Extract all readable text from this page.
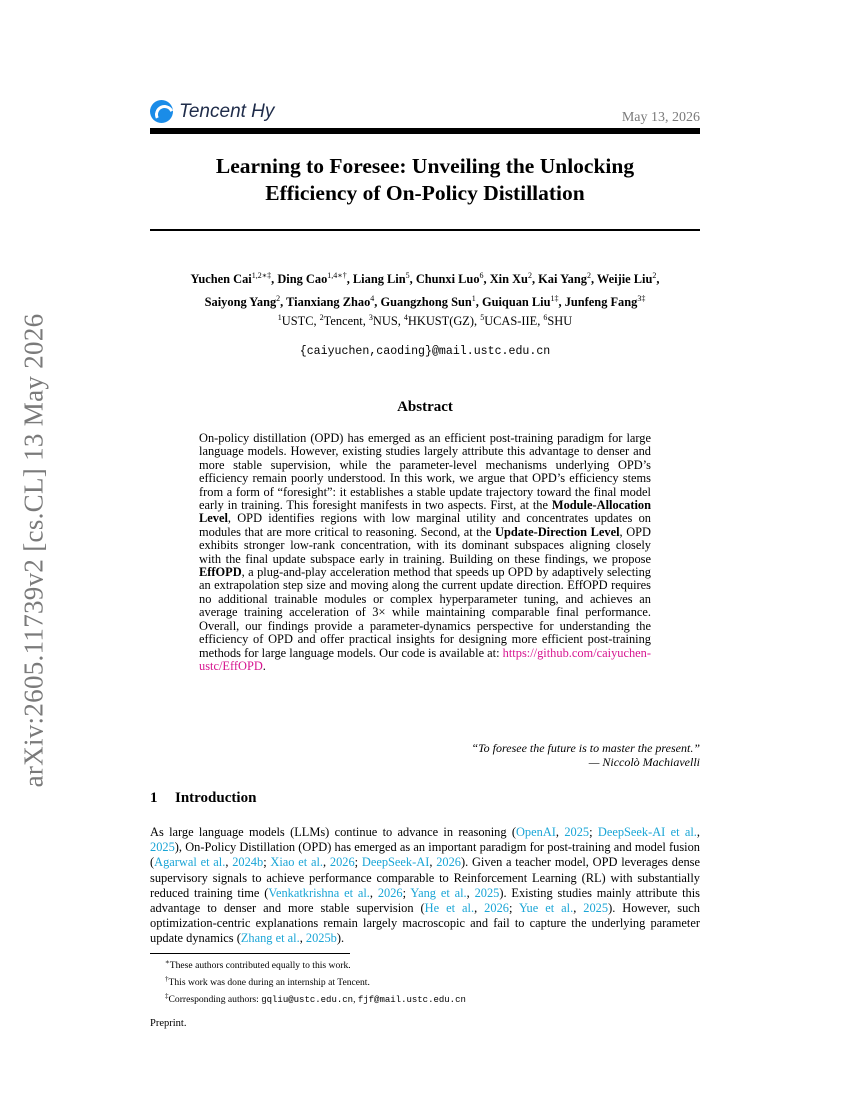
arXiv:2605.11739v2 [cs.CL] 13 May 2026
Tencent Hy	May 13, 2026
Learning to Foresee: Unveiling the Unlocking
Efficiency of On-Policy Distillation
Yuchen Cai$^{1,2∗\ddagger}$, Ding Cao$^{1,4∗\dagger}$, Liang Lin$^5$, Chunxi Luo$^6$, Xin Xu$^2$, Kai Yang$^2$, Weijie Liu$^2$,
Saiyong Yang$^2$, Tianxiang Zhao$^4$, Guangzhong Sun$^1$, Guiquan Liu$^{1\ddagger}$, Junfeng Fang$^{3\ddagger}$
$^1$USTC, $^2$Tencent, $^3$NUS, $^4$HKUST(GZ), $^5$UCAS-IIE, $^6$SHU
{caiyuchen,caoding}@mail.ustc.edu.cn
Abstract
On-policy distillation (OPD) has emerged as an efficient post-training paradigm for large language models. However, existing studies largely attribute this advantage to denser and more stable supervision, while the parameter-level mechanisms underlying OPD’s efficiency remain poorly understood. In this work, we argue that OPD’s efficiency stems from a form of “foresight”: it establishes a stable update trajectory toward the final model early in training. This foresight manifests in two aspects. First, at the Module-Allocation Level, OPD identifies regions with low marginal utility and concentrates updates on modules that are more critical to reasoning. Second, at the Update-Direction Level, OPD exhibits stronger low-rank concentration, with its dominant subspaces aligning closely with the final update subspace early in training. Building on these findings, we propose EffOPD, a plug-and-play acceleration method that speeds up OPD by adaptively selecting an extrapolation step size and moving along the current update direction. EffOPD requires no additional trainable modules or complex hyperparameter tuning, and achieves an average training acceleration of 3× while maintaining comparable final performance. Overall, our findings provide a parameter-dynamics perspective for understanding the efficiency of OPD and offer practical insights for designing more efficient post-training methods for large language models. Our code is available at: https://github.com/caiyuchen-ustc/EffOPD.
“To foresee the future is to master the present.”
— Niccolò Machiavelli
1 Introduction
As large language models (LLMs) continue to advance in reasoning (OpenAI, 2025; DeepSeek-AI et al., 2025), On-Policy Distillation (OPD) has emerged as an important paradigm for post-training and model fusion (Agarwal et al., 2024b; Xiao et al., 2026; DeepSeek-AI, 2026). Given a teacher model, OPD leverages dense supervisory signals to achieve performance comparable to Reinforcement Learning (RL) with substantially reduced training time (Venkatkrishna et al., 2026; Yang et al., 2025). Existing studies mainly attribute this advantage to denser and more stable supervision (He et al., 2026; Yue et al., 2025). However, such optimization-centric explanations remain largely macroscopic and fail to capture the underlying parameter update dynamics (Zhang et al., 2025b).
∗These authors contributed equally to this work.
†This work was done during an internship at Tencent.
‡Corresponding authors: gqliu@ustc.edu.cn, fjf@mail.ustc.edu.cn
Preprint.
